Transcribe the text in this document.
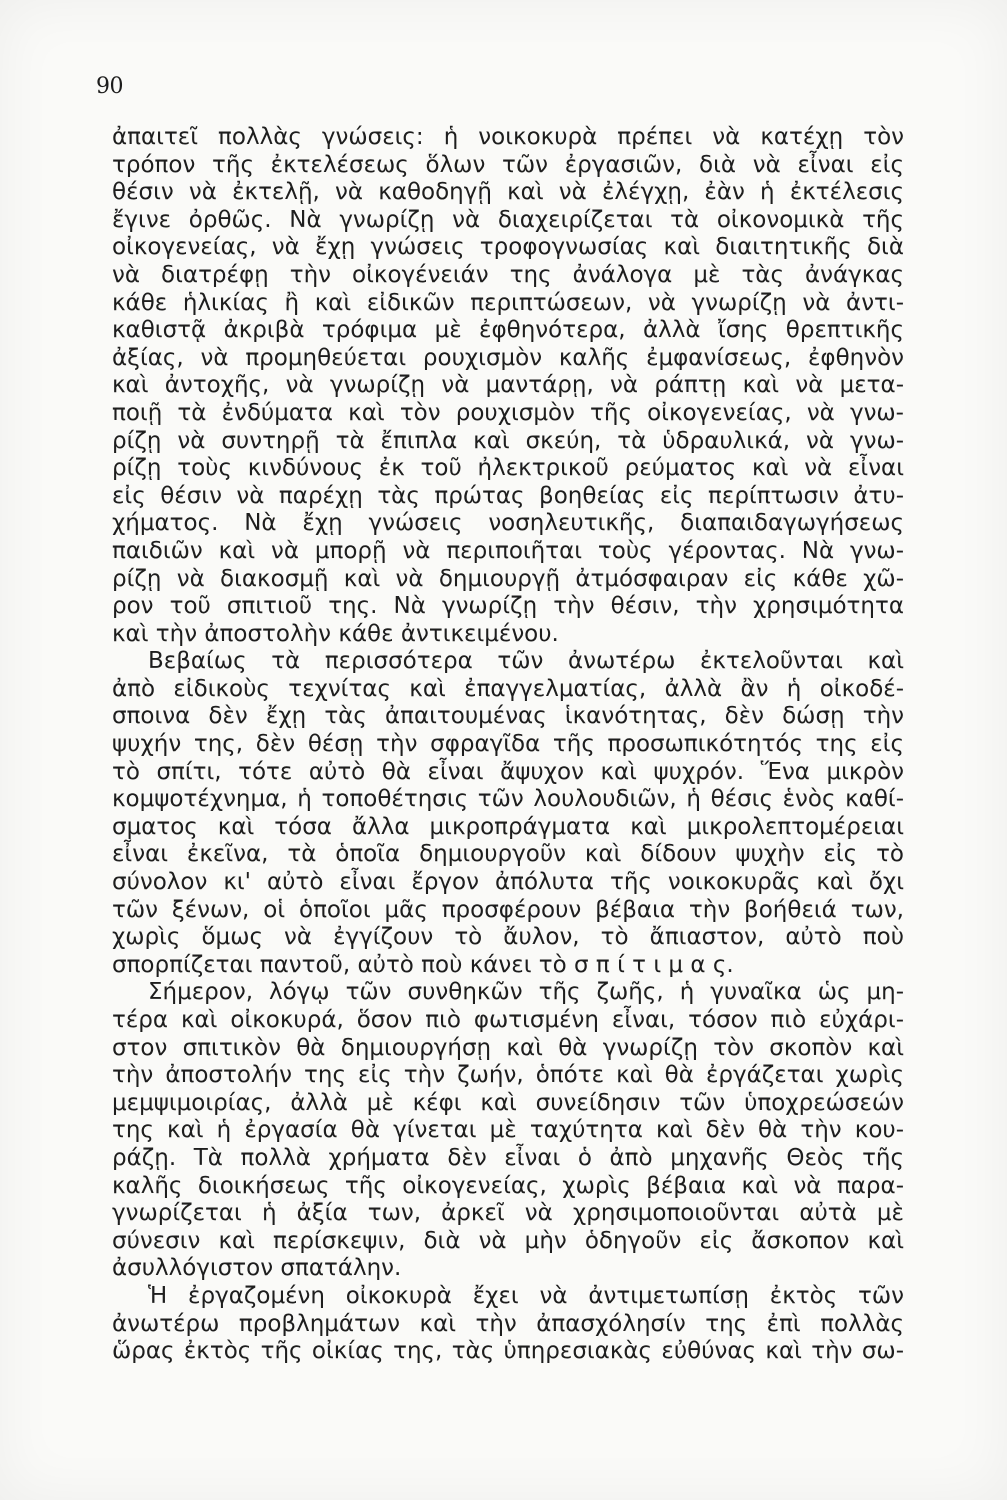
90
ἀπαιτεῖ πολλὰς γνώσεις: ἡ νοικοκυρὰ πρέπει νὰ κατέχῃ τὸν
τρόπον τῆς ἐκτελέσεως ὅλων τῶν ἐργασιῶν, διὰ νὰ εἶναι εἰς
θέσιν νὰ ἐκτελῇ, νὰ καθοδηγῇ καὶ νὰ ἐλέγχῃ, ἐὰν ἡ ἐκτέλεσις
ἔγινε ὀρθῶς. Νὰ γνωρίζῃ νὰ διαχειρίζεται τὰ οἰκονομικὰ τῆς
οἰκογενείας, νὰ ἔχῃ γνώσεις τροφογνωσίας καὶ διαιτητικῆς διὰ
νὰ διατρέφῃ τὴν οἰκογένειάν της ἀνάλογα μὲ τὰς ἀνάγκας
κάθε ἡλικίας ἢ καὶ εἰδικῶν περιπτώσεων, νὰ γνωρίζῃ νὰ ἀντι-
καθιστᾷ ἀκριβὰ τρόφιμα μὲ ἐφθηνότερα, ἀλλὰ ἴσης θρεπτικῆς
ἀξίας, νὰ προμηθεύεται ρουχισμὸν καλῆς ἐμφανίσεως, ἐφθηνὸν
καὶ ἀντοχῆς, νὰ γνωρίζῃ νὰ μαντάρῃ, νὰ ράπτῃ καὶ νὰ μετα-
ποιῇ τὰ ἐνδύματα καὶ τὸν ρουχισμὸν τῆς οἰκογενείας, νὰ γνω-
ρίζῃ νὰ συντηρῇ τὰ ἔπιπλα καὶ σκεύη, τὰ ὑδραυλικά, νὰ γνω-
ρίζῃ τοὺς κινδύνους ἐκ τοῦ ἠλεκτρικοῦ ρεύματος καὶ νὰ εἶναι
εἰς θέσιν νὰ παρέχῃ τὰς πρώτας βοηθείας εἰς περίπτωσιν ἀτυ-
χήματος. Νὰ ἔχῃ γνώσεις νοσηλευτικῆς, διαπαιδαγωγήσεως
παιδιῶν καὶ νὰ μπορῇ νὰ περιποιῆται τοὺς γέροντας. Νὰ γνω-
ρίζῃ νὰ διακοσμῇ καὶ νὰ δημιουργῇ ἀτμόσφαιραν εἰς κάθε χῶ-
ρον τοῦ σπιτιοῦ της. Νὰ γνωρίζῃ τὴν θέσιν, τὴν χρησιμότητα
καὶ τὴν ἀποστολὴν κάθε ἀντικειμένου.
Βεβαίως τὰ περισσότερα τῶν ἀνωτέρω ἐκτελοῦνται καὶ
ἀπὸ εἰδικοὺς τεχνίτας καὶ ἐπαγγελματίας, ἀλλὰ ἂν ἡ οἰκοδέ-
σποινα δὲν ἔχῃ τὰς ἀπαιτουμένας ἱκανότητας, δὲν δώσῃ τὴν
ψυχήν της, δὲν θέσῃ τὴν σφραγῖδα τῆς προσωπικότητός της εἰς
τὸ σπίτι, τότε αὐτὸ θὰ εἶναι ἄψυχον καὶ ψυχρόν. Ἕνα μικρὸν
κομψοτέχνημα, ἡ τοποθέτησις τῶν λουλουδιῶν, ἡ θέσις ἑνὸς καθί-
σματος καὶ τόσα ἄλλα μικροπράγματα καὶ μικρολεπτομέρειαι
εἶναι ἐκεῖνα, τὰ ὁποῖα δημιουργοῦν καὶ δίδουν ψυχὴν εἰς τὸ
σύνολον κι' αὐτὸ εἶναι ἔργον ἀπόλυτα τῆς νοικοκυρᾶς καὶ ὄχι
τῶν ξένων, οἱ ὁποῖοι μᾶς προσφέρουν βέβαια τὴν βοήθειά των,
χωρὶς ὅμως νὰ ἐγγίζουν τὸ ἄυλον, τὸ ἄπιαστον, αὐτὸ ποὺ
σπορπίζεται παντοῦ, αὐτὸ ποὺ κάνει τὸ σ π ί τ ι μ α ς.
Σήμερον, λόγῳ τῶν συνθηκῶν τῆς ζωῆς, ἡ γυναῖκα ὡς μη-
τέρα καὶ οἰκοκυρά, ὅσον πιὸ φωτισμένη εἶναι, τόσον πιὸ εὐχάρι-
στον σπιτικὸν θὰ δημιουργήσῃ καὶ θὰ γνωρίζῃ τὸν σκοπὸν καὶ
τὴν ἀποστολήν της εἰς τὴν ζωήν, ὁπότε καὶ θὰ ἐργάζεται χωρὶς
μεμψιμοιρίας, ἀλλὰ μὲ κέφι καὶ συνείδησιν τῶν ὑποχρεώσεών
της καὶ ἡ ἐργασία θὰ γίνεται μὲ ταχύτητα καὶ δὲν θὰ τὴν κου-
ράζῃ. Τὰ πολλὰ χρήματα δὲν εἶναι ὁ ἀπὸ μηχανῆς Θεὸς τῆς
καλῆς διοικήσεως τῆς οἰκογενείας, χωρὶς βέβαια καὶ νὰ παρα-
γνωρίζεται ἡ ἀξία των, ἀρκεῖ νὰ χρησιμοποιοῦνται αὐτὰ μὲ
σύνεσιν καὶ περίσκεψιν, διὰ νὰ μὴν ὁδηγοῦν εἰς ἄσκοπον καὶ
ἀσυλλόγιστον σπατάλην.
Ἡ ἐργαζομένη οἰκοκυρὰ ἔχει νὰ ἀντιμετωπίσῃ ἐκτὸς τῶν
ἀνωτέρω προβλημάτων καὶ τὴν ἀπασχόλησίν της ἐπὶ πολλὰς
ὥρας ἐκτὸς τῆς οἰκίας της, τὰς ὑπηρεσιακὰς εὐθύνας καὶ τὴν σω-
